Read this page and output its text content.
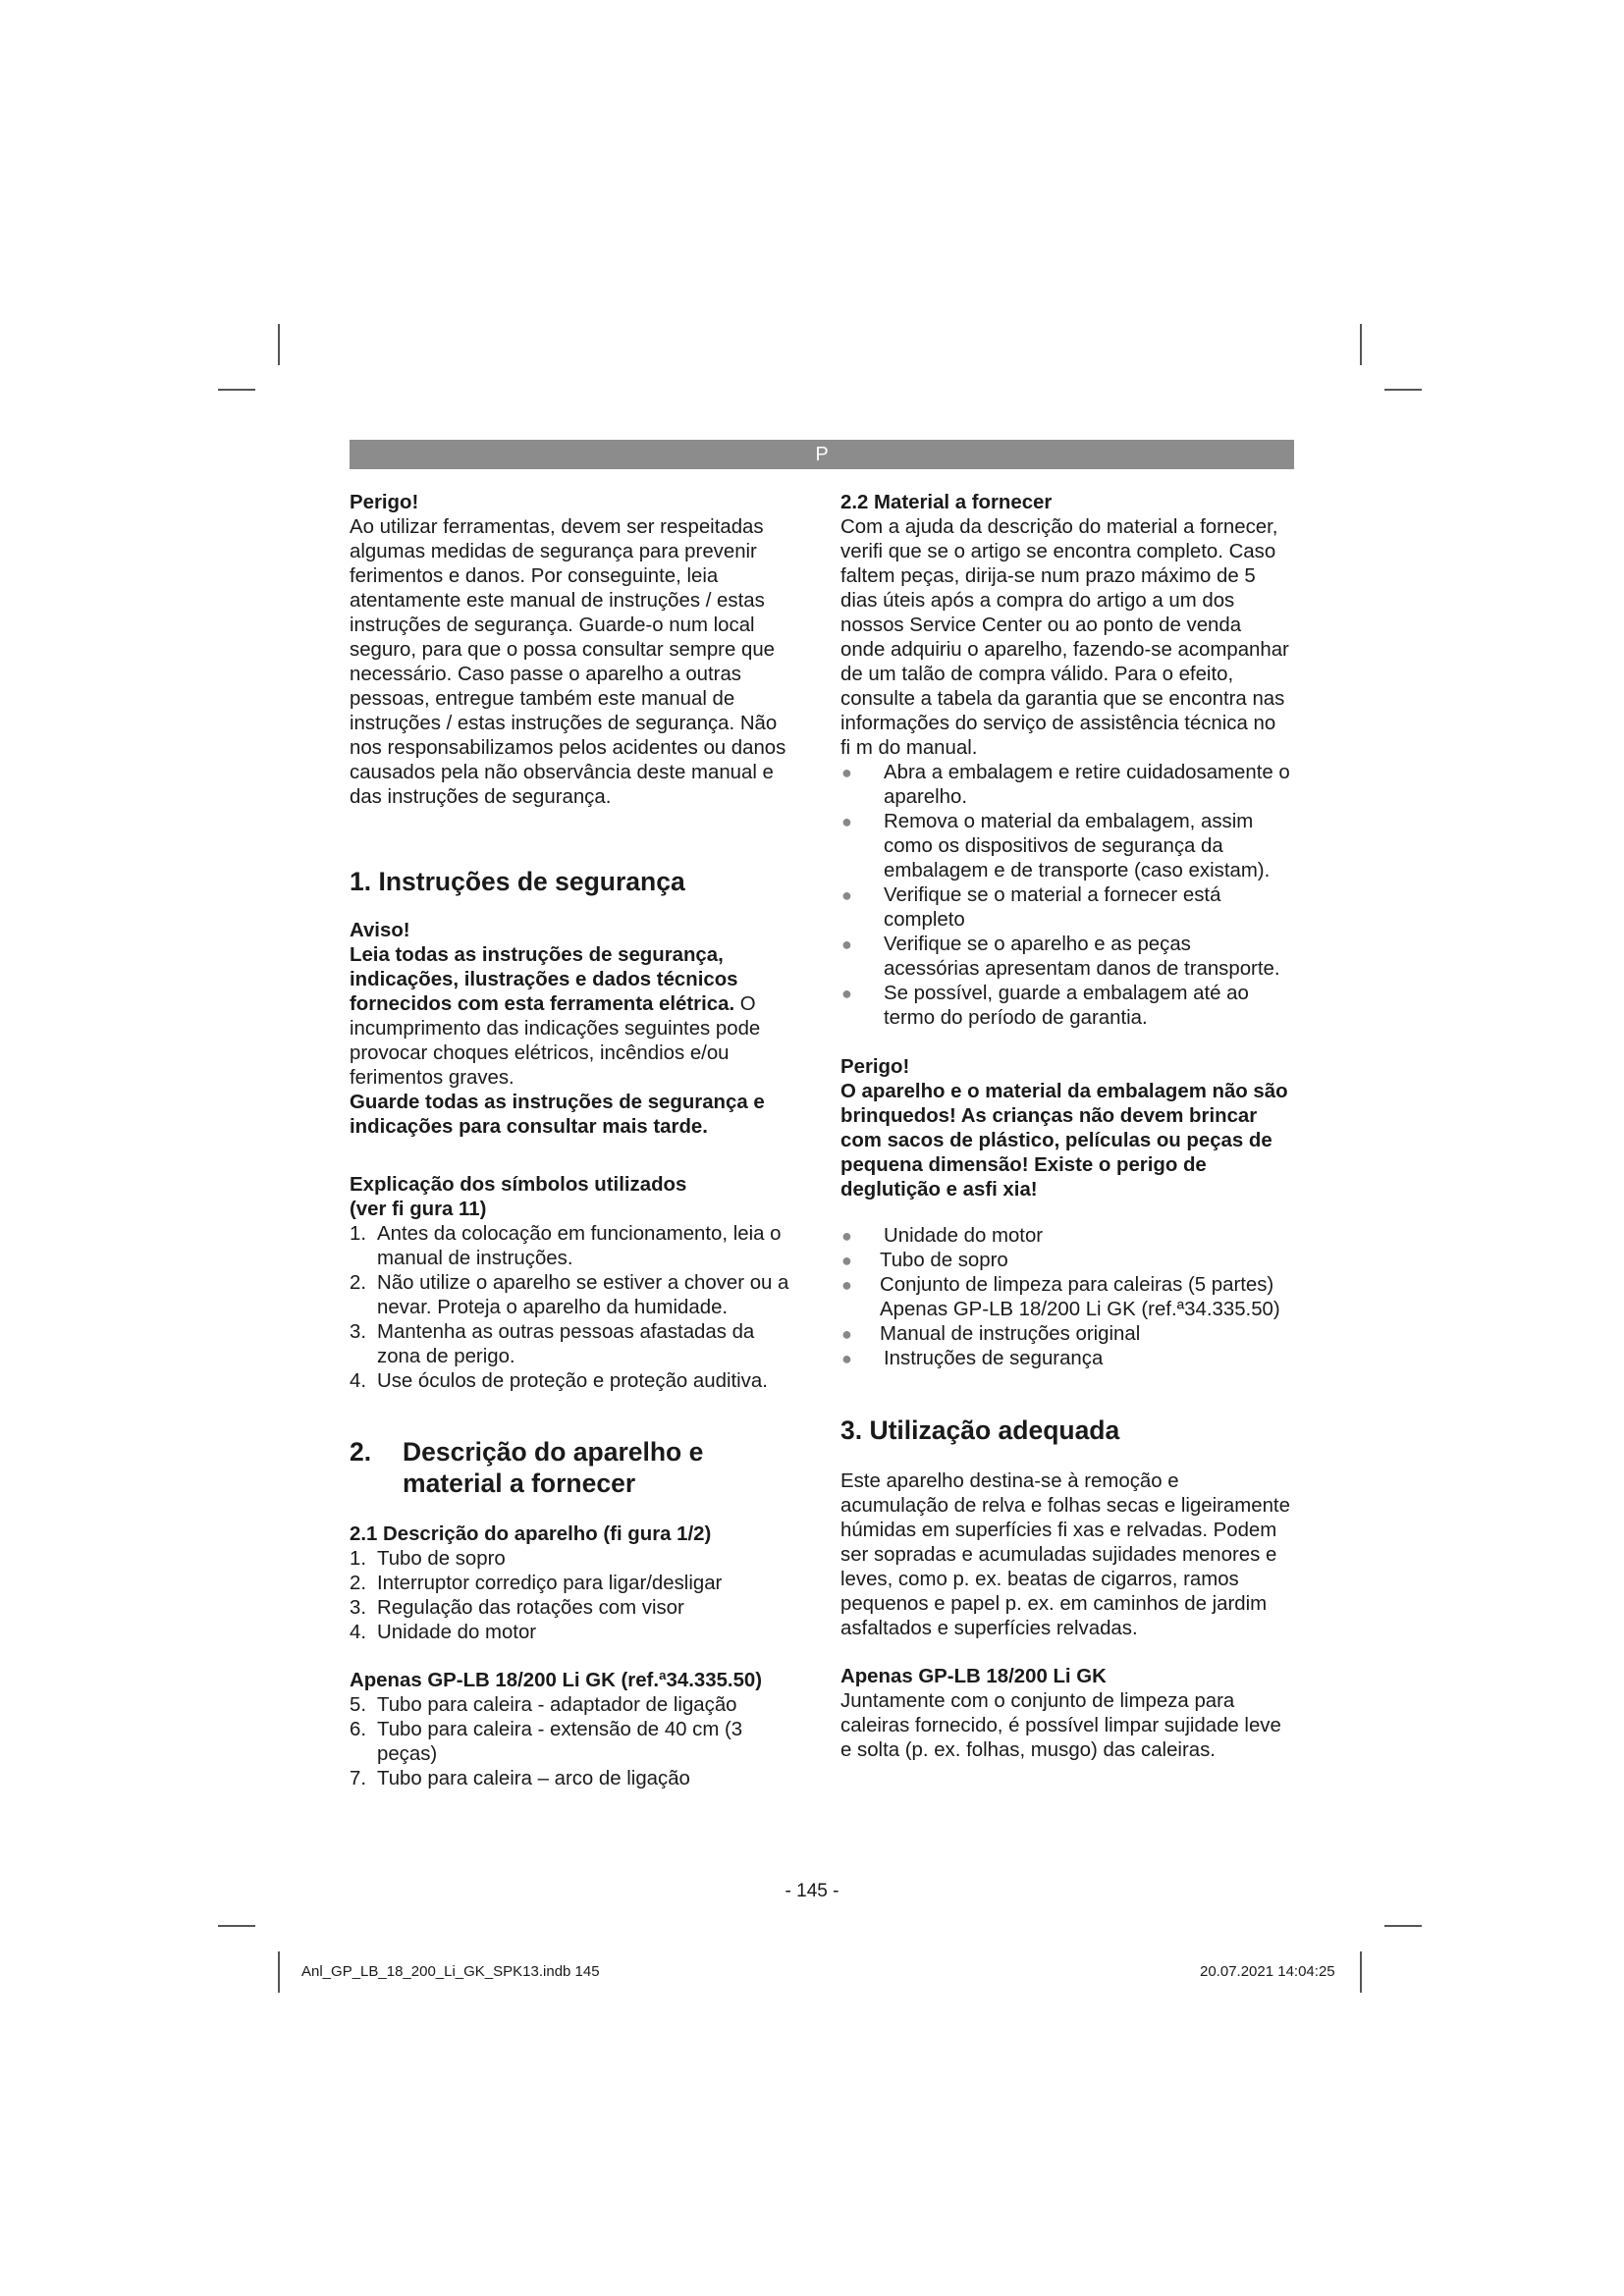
P

Perigo!

Ao utilizar ferramentas, devem ser respeitadas algumas medidas de segurança para prevenir ferimentos e danos. Por conseguinte, leia atentamente este manual de instruções / estas instruções de segurança. Guarde-o num local seguro, para que o possa consultar sempre que necessário. Caso passe o aparelho a outras pessoas, entregue também este manual de instruções / estas instruções de segurança. Não nos responsabilizamos pelos acidentes ou danos causados pela não observância deste manual e das instruções de segurança.

1. Instruções de segurança

Aviso!

Leia todas as instruções de segurança, indicações, ilustrações e dados técnicos fornecidos com esta ferramenta elétrica. O incumprimento das indicações seguintes pode provocar choques elétricos, incêndios e/ou ferimentos graves.

Guarde todas as instruções de segurança e indicações para consultar mais tarde.

Explicação dos símbolos utilizados

(ver fi gura 11)

1. Antes da colocação em funcionamento, leia o manual de instruções.
2. Não utilize o aparelho se estiver a chover ou a nevar. Proteja o aparelho da humidade.
3. Mantenha as outras pessoas afastadas da zona de perigo.
4. Use óculos de proteção e proteção auditiva.

2. Descrição do aparelho e material a fornecer

2.1 Descrição do aparelho (fi gura 1/2)

1. Tubo de sopro
2. Interruptor corrediço para ligar/desligar
3. Regulação das rotações com visor
4. Unidade do motor

Apenas GP-LB 18/200 Li GK (ref.ª34.335.50)

5. Tubo para caleira - adaptador de ligação
6. Tubo para caleira - extensão de 40 cm (3 peças)
7. Tubo para caleira – arco de ligação

2.2 Material a fornecer

Com a ajuda da descrição do material a fornecer, verifi que se o artigo se encontra completo. Caso faltem peças, dirija-se num prazo máximo de 5 dias úteis após a compra do artigo a um dos nossos Service Center ou ao ponto de venda onde adquiriu o aparelho, fazendo-se acompanhar de um talão de compra válido. Para o efeito, consulte a tabela da garantia que se encontra nas informações do serviço de assistência técnica no fi m do manual.

● Abra a embalagem e retire cuidadosamente o aparelho.
● Remova o material da embalagem, assim como os dispositivos de segurança da embalagem e de transporte (caso existam).
● Verifique se o material a fornecer está completo
● Verifique se o aparelho e as peças acessórias apresentam danos de transporte.
● Se possível, guarde a embalagem até ao termo do período de garantia.

Perigo!

O aparelho e o material da embalagem não são brinquedos! As crianças não devem brincar com sacos de plástico, películas ou peças de pequena dimensão! Existe o perigo de deglutição e asfi xia!

● Unidade do motor
● Tubo de sopro
● Conjunto de limpeza para caleiras (5 partes) Apenas GP-LB 18/200 Li GK (ref.ª34.335.50)
● Manual de instruções original
● Instruções de segurança

3. Utilização adequada

Este aparelho destina-se à remoção e acumulação de relva e folhas secas e ligeiramente húmidas em superfícies fi xas e relvadas. Podem ser sopradas e acumuladas sujidades menores e leves, como p. ex. beatas de cigarros, ramos pequenos e papel p. ex. em caminhos de jardim asfaltados e superfícies relvadas.

Apenas GP-LB 18/200 Li GK

Juntamente com o conjunto de limpeza para caleiras fornecido, é possível limpar sujidade leve e solta (p. ex. folhas, musgo) das caleiras.

- 145 -
Anl_GP_LB_18_200_Li_GK_SPK13.indb 145	20.07.2021 14:04:25
